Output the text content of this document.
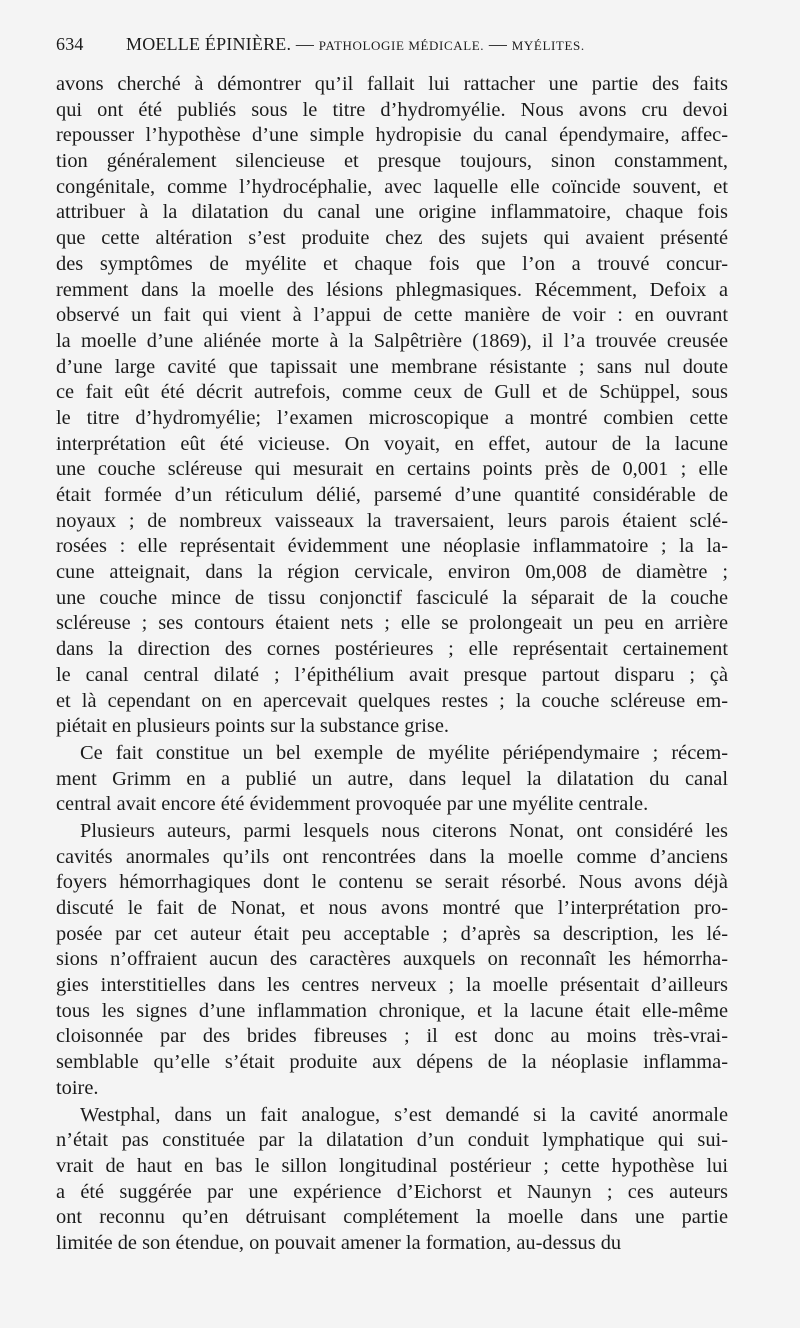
634 MOELLE ÉPINIÈRE. — PATHOLOGIE MÉDICALE. — MYÉLITES.
avons cherché à démontrer qu’il fallait lui rattacher une partie des faits
qui ont été publiés sous le titre d’hydromyélie. Nous avons cru devoi
repousser l’hypothèse d’une simple hydropisie du canal épendymaire, affec-
tion généralement silencieuse et presque toujours, sinon constamment,
congénitale, comme l’hydrocéphalie, avec laquelle elle coïncide souvent, et
attribuer à la dilatation du canal une origine inflammatoire, chaque fois
que cette altération s’est produite chez des sujets qui avaient présenté
des symptômes de myélite et chaque fois que l’on a trouvé concur-
remment dans la moelle des lésions phlegmasiques. Récemment, Defoix a
observé un fait qui vient à l’appui de cette manière de voir : en ouvrant
la moelle d’une aliénée morte à la Salpêtrière (1869), il l’a trouvée creusée
d’une large cavité que tapissait une membrane résistante ; sans nul doute
ce fait eût été décrit autrefois, comme ceux de Gull et de Schüppel, sous
le titre d’hydromyélie; l’examen microscopique a montré combien cette
interprétation eût été vicieuse. On voyait, en effet, autour de la lacune
une couche scléreuse qui mesurait en certains points près de 0,001 ; elle
était formée d’un réticulum délié, parsemé d’une quantité considérable de
noyaux ; de nombreux vaisseaux la traversaient, leurs parois étaient sclé-
rosées : elle représentait évidemment une néoplasie inflammatoire ; la la-
cune atteignait, dans la région cervicale, environ 0m,008 de diamètre ;
une couche mince de tissu conjonctif fasciculé la séparait de la couche
scléreuse ; ses contours étaient nets ; elle se prolongeait un peu en arrière
dans la direction des cornes postérieures ; elle représentait certainement
le canal central dilaté ; l’épithélium avait presque partout disparu ; çà
et là cependant on en apercevait quelques restes ; la couche scléreuse em-
piétait en plusieurs points sur la substance grise.
Ce fait constitue un bel exemple de myélite périépendymaire ; récem-
ment Grimm en a publié un autre, dans lequel la dilatation du canal
central avait encore été évidemment provoquée par une myélite centrale.
Plusieurs auteurs, parmi lesquels nous citerons Nonat, ont considéré les
cavités anormales qu’ils ont rencontrées dans la moelle comme d’anciens
foyers hémorrhagiques dont le contenu se serait résorbé. Nous avons déjà
discuté le fait de Nonat, et nous avons montré que l’interprétation pro-
posée par cet auteur était peu acceptable ; d’après sa description, les lé-
sions n’offraient aucun des caractères auxquels on reconnaît les hémorrha-
gies interstitielles dans les centres nerveux ; la moelle présentait d’ailleurs
tous les signes d’une inflammation chronique, et la lacune était elle-même
cloisonnée par des brides fibreuses ; il est donc au moins très-vrai-
semblable qu’elle s’était produite aux dépens de la néoplasie inflamma-
toire.
Westphal, dans un fait analogue, s’est demandé si la cavité anormale
n’était pas constituée par la dilatation d’un conduit lymphatique qui sui-
vrait de haut en bas le sillon longitudinal postérieur ; cette hypothèse lui
a été suggérée par une expérience d’Eichorst et Naunyn ; ces auteurs
ont reconnu qu’en détruisant complétement la moelle dans une partie
limitée de son étendue, on pouvait amener la formation, au-dessus du
